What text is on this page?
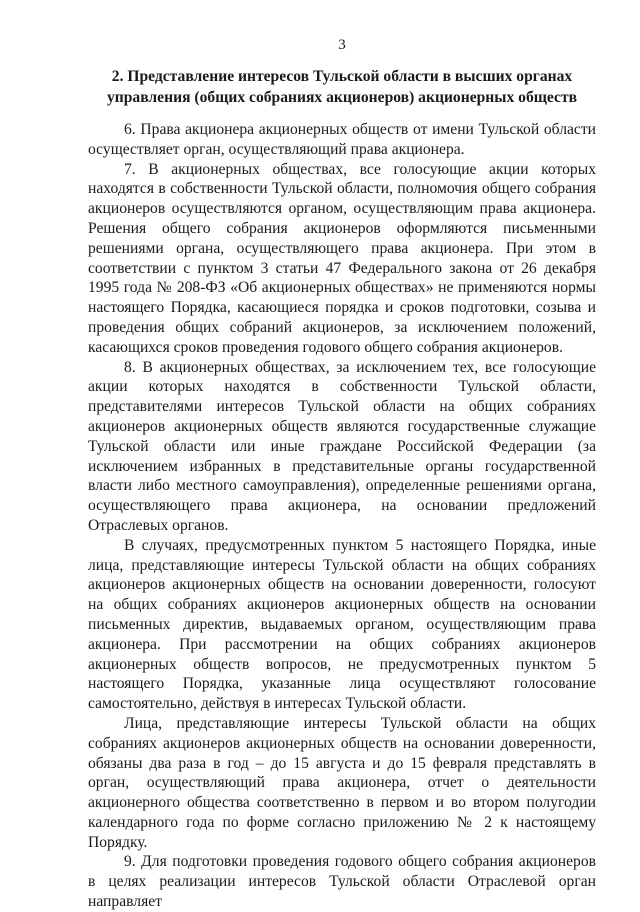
3
2. Представление интересов Тульской области в высших органах
управления (общих собраниях акционеров) акционерных обществ

6. Права акционера акционерных обществ от имени Тульской области осуществляет орган, осуществляющий права акционера.

7. В акционерных обществах, все голосующие акции которых находятся в собственности Тульской области, полномочия общего собрания акционеров осуществляются органом, осуществляющим права акционера. Решения общего собрания акционеров оформляются письменными решениями органа, осуществляющего права акционера. При этом в соответствии с пунктом 3 статьи 47 Федерального закона от 26 декабря 1995 года № 208-ФЗ «Об акционерных обществах» не применяются нормы настоящего Порядка, касающиеся порядка и сроков подготовки, созыва и проведения общих собраний акционеров, за исключением положений, касающихся сроков проведения годового общего собрания акционеров.

8. В акционерных обществах, за исключением тех, все голосующие акции которых находятся в собственности Тульской области, представителями интересов Тульской области на общих собраниях акционеров акционерных обществ являются государственные служащие Тульской области или иные граждане Российской Федерации (за исключением избранных в представительные органы государственной власти либо местного самоуправления), определенные решениями органа, осуществляющего права акционера, на основании предложений Отраслевых органов.

В случаях, предусмотренных пунктом 5 настоящего Порядка, иные лица, представляющие интересы Тульской области на общих собраниях акционеров акционерных обществ на основании доверенности, голосуют на общих собраниях акционеров акционерных обществ на основании письменных директив, выдаваемых органом, осуществляющим права акционера. При рассмотрении на общих собраниях акционеров акционерных обществ вопросов, не предусмотренных пунктом 5 настоящего Порядка, указанные лица осуществляют голосование самостоятельно, действуя в интересах Тульской области.

Лица, представляющие интересы Тульской области на общих собраниях акционеров акционерных обществ на основании доверенности, обязаны два раза в год – до 15 августа и до 15 февраля представлять в орган, осуществляющий права акционера, отчет о деятельности акционерного общества соответственно в первом и во втором полугодии календарного года по форме согласно приложению № 2 к настоящему Порядку.

9. Для подготовки проведения годового общего собрания акционеров в целях реализации интересов Тульской области Отраслевой орган направляет
